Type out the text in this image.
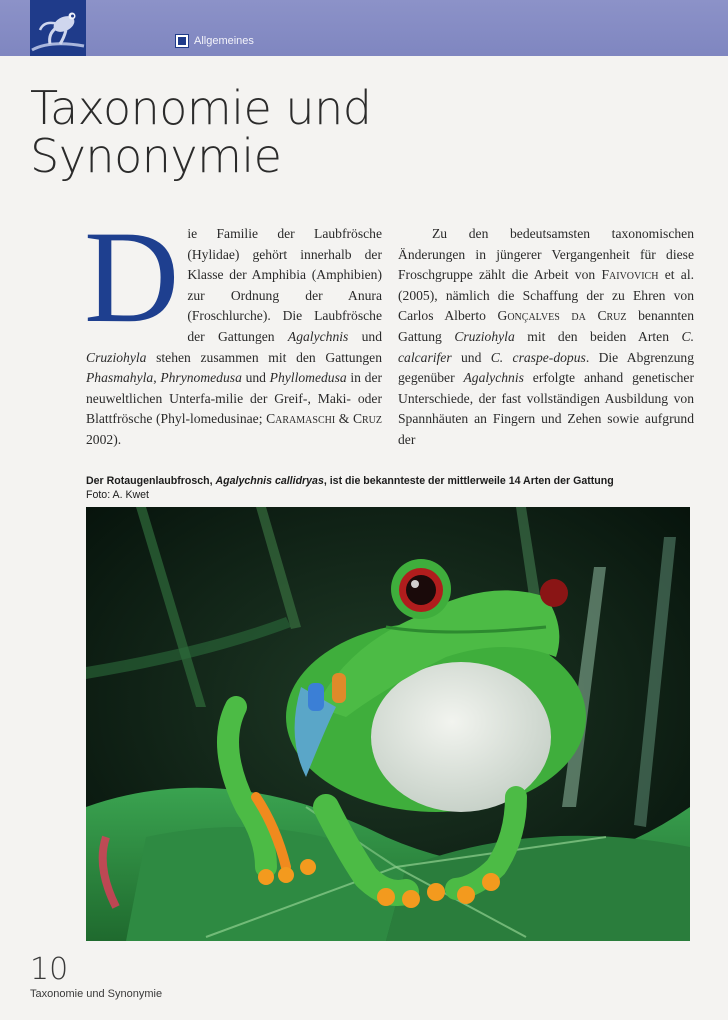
Allgemeines
Taxonomie und
Synonymie

Die Familie der Laubfrösche (Hylidae) gehört innerhalb der Klasse der Amphibia (Amphibien) zur Ordnung der Anura (Froschlurche). Die Laubfrösche der Gattungen Agalychnis und Cruziohyla stehen zusammen mit den Gattungen Phasmahyla, Phrynomedusa und Phyllomedusa in der neuweltlichen Unterfa-milie der Greif-, Maki- oder Blattfrösche (Phyl-lomedusinae; Caramaschi & Cruz 2002).

Zu den bedeutsamsten taxonomischen Änderungen in jüngerer Vergangenheit für diese Froschgruppe zählt die Arbeit von Faivovich et al. (2005), nämlich die Schaffung der zu Ehren von Carlos Alberto Gonçalves da Cruz benannten Gattung Cruziohyla mit den beiden Arten C. calcarifer und C. craspe-dopus. Die Abgrenzung gegenüber Agalychnis erfolgte anhand genetischer Unterschiede, der fast vollständigen Ausbildung von Spannhäuten an Fingern und Zehen sowie aufgrund der

Der Rotaugenlaubfrosch, Agalychnis callidryas, ist die bekannteste der mittlerweile 14 Arten der Gattung
Foto: A. Kwet
10
Taxonomie und Synonymie
